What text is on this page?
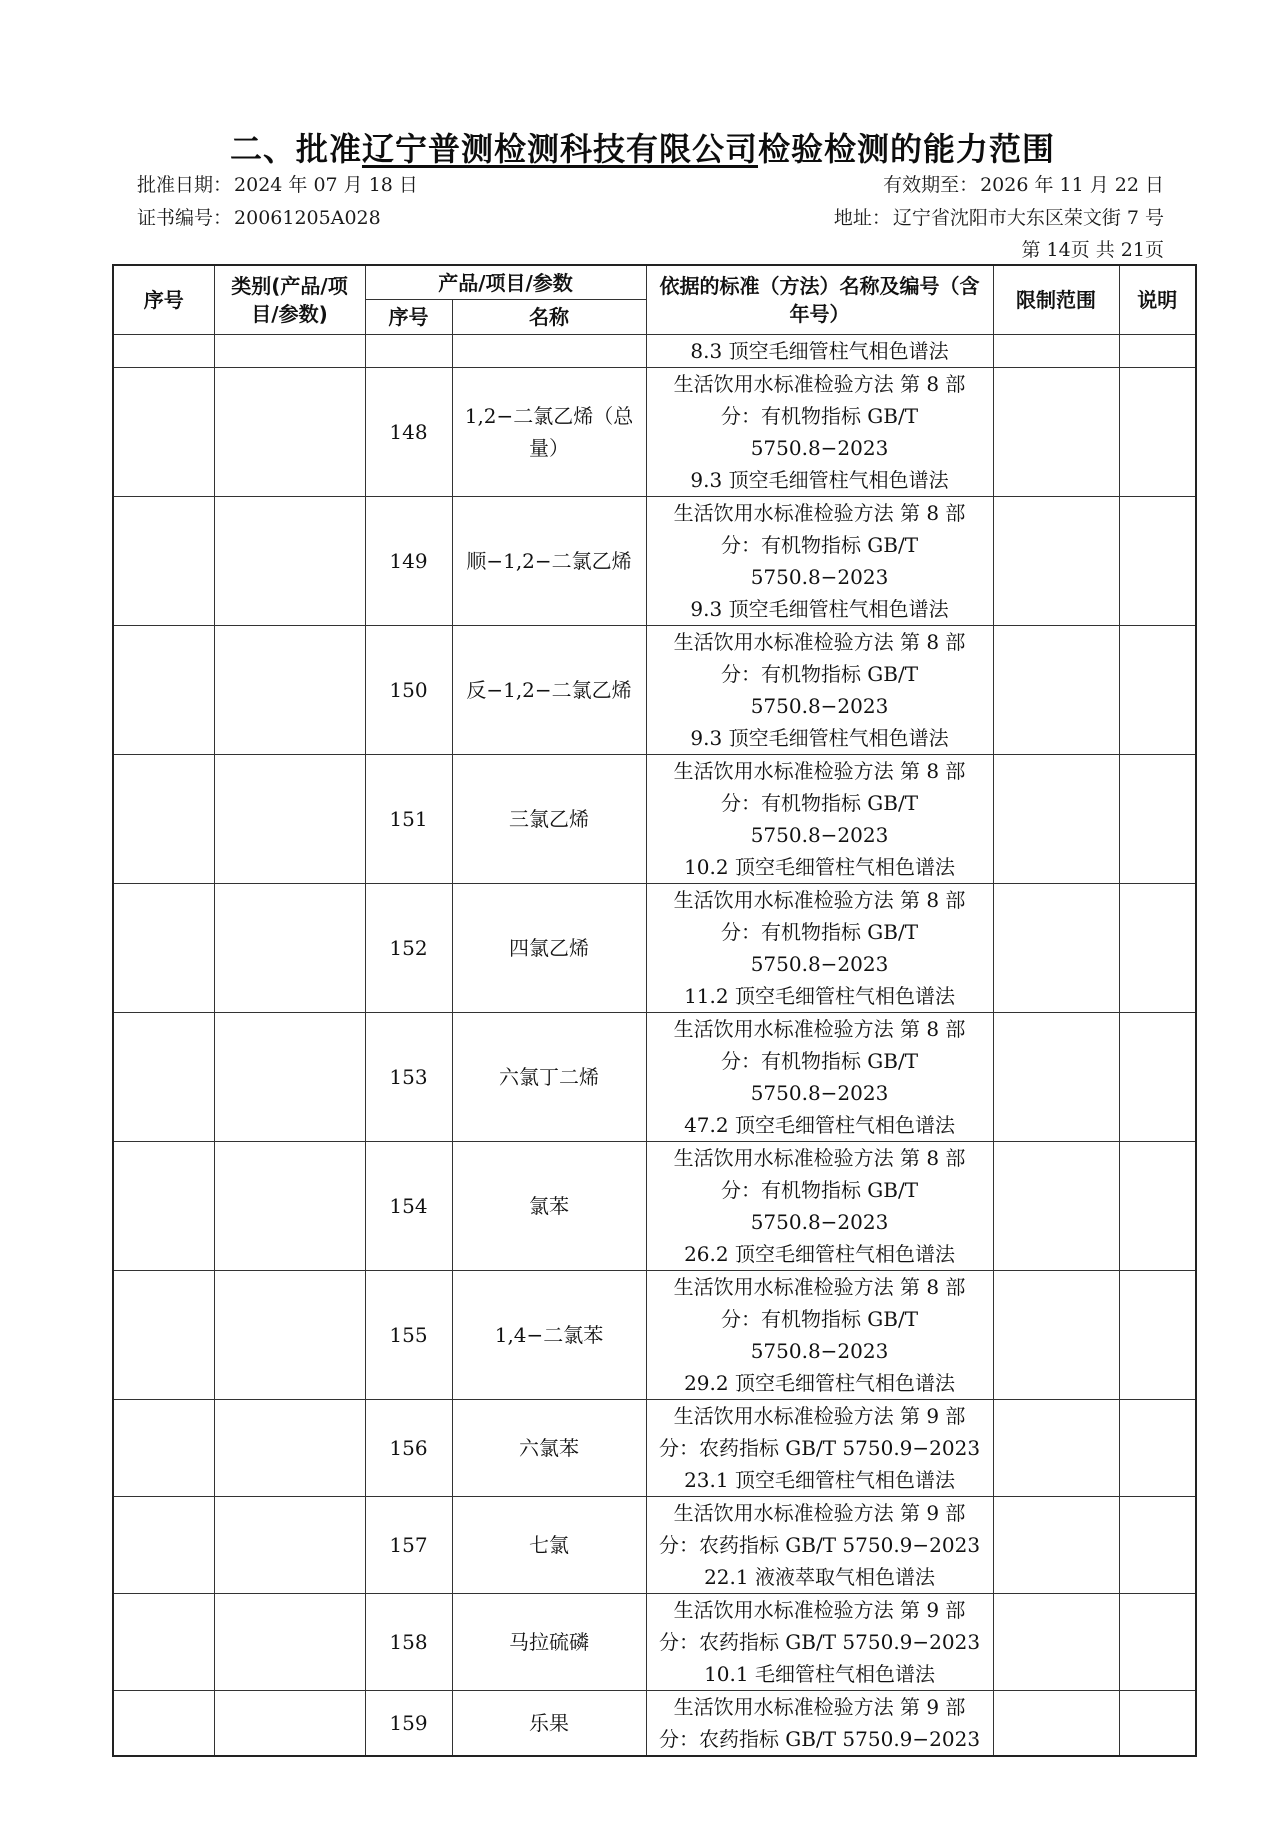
二、批准辽宁普测检测科技有限公司检验检测的能力范围
批准日期： 2024 年 07 月 18 日	有效期至： 2026 年 11 月 22 日
证书编号： 20061205A028	地址： 辽宁省沈阳市大东区荣文街 7 号
第 14页 共 21页
序号	类别(产品/项目/参数)	产品/项目/参数		依据的标准（方法）名称及编号（含年号）	限制范围	说明
		序号	名称			
				8.3 顶空毛细管柱气相色谱法		
		148	1,2−二氯乙烯（总量）	生活饮用水标准检验方法 第 8 部
分：有机物指标 GB/T 5750.8−2023
9.3 顶空毛细管柱气相色谱法		

		149	顺−1,2−二氯乙烯	生活饮用水标准检验方法 第 8 部
分：有机物指标 GB/T 5750.8−2023
9.3 顶空毛细管柱气相色谱法		

		150	反−1,2−二氯乙烯	生活饮用水标准检验方法 第 8 部
分：有机物指标 GB/T 5750.8−2023
9.3 顶空毛细管柱气相色谱法		

		151	三氯乙烯	生活饮用水标准检验方法 第 8 部
分：有机物指标 GB/T 5750.8−2023
10.2 顶空毛细管柱气相色谱法		

		152	四氯乙烯	生活饮用水标准检验方法 第 8 部
分：有机物指标 GB/T 5750.8−2023
11.2 顶空毛细管柱气相色谱法		

		153	六氯丁二烯	生活饮用水标准检验方法 第 8 部
分：有机物指标 GB/T 5750.8−2023
47.2 顶空毛细管柱气相色谱法		

		154	氯苯	生活饮用水标准检验方法 第 8 部
分：有机物指标 GB/T 5750.8−2023
26.2 顶空毛细管柱气相色谱法		

		155	1,4−二氯苯	生活饮用水标准检验方法 第 8 部
分：有机物指标 GB/T 5750.8−2023
29.2 顶空毛细管柱气相色谱法		

		156	六氯苯	生活饮用水标准检验方法 第 9 部
分：农药指标 GB/T 5750.9−2023
23.1 顶空毛细管柱气相色谱法		

		157	七氯	生活饮用水标准检验方法 第 9 部
分：农药指标 GB/T 5750.9−2023
22.1 液液萃取气相色谱法		

		158	马拉硫磷	生活饮用水标准检验方法 第 9 部
分：农药指标 GB/T 5750.9−2023
10.1 毛细管柱气相色谱法		

		159	乐果	生活饮用水标准检验方法 第 9 部
分：农药指标 GB/T 5750.9−2023		
